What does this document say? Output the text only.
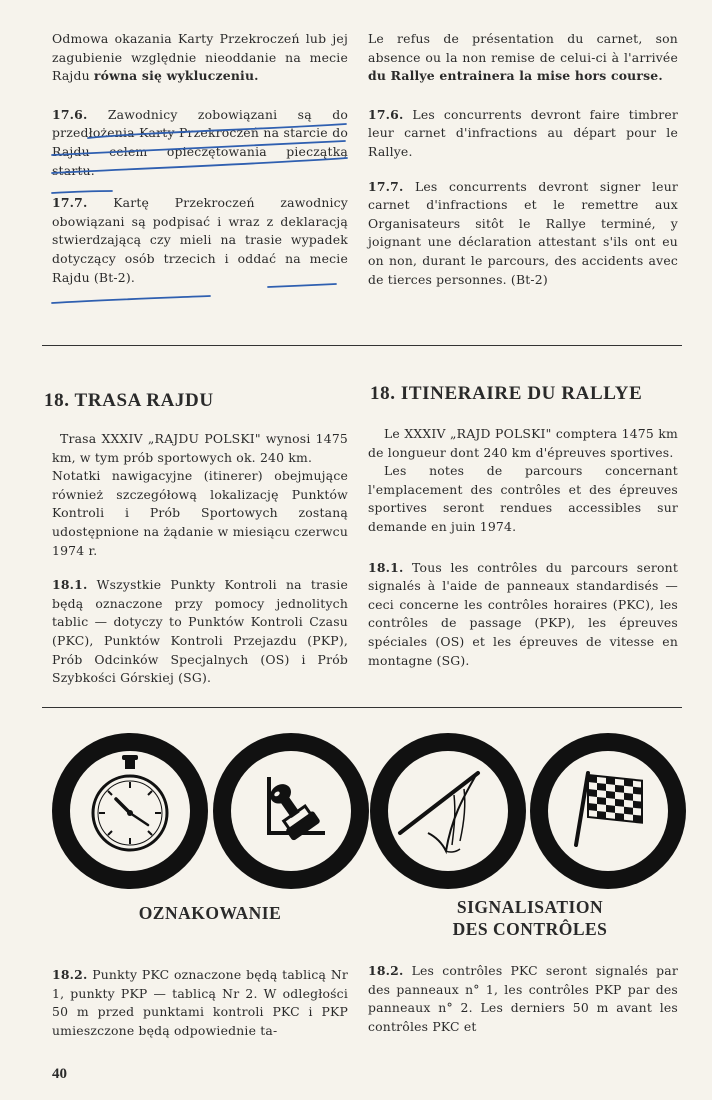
Odmowa okazania Karty Przekroczeń lub jej zagubienie względnie nieoddanie na mecie Rajdu równa się wykluczeniu.

17.6. Zawodnicy zobowiązani są do przedłożenia Karty Przekroczeń na starcie do Rajdu celem opieczętowania pieczątką startu.

17.7. Kartę Przekroczeń zawodnicy obowiązani są podpisać i wraz z deklaracją stwierdzającą czy mieli na trasie wypadek dotyczący osób trzecich i oddać na mecie Rajdu (Bt-2).

Le refus de présentation du carnet, son absence ou la non remise de celui-ci à l'arrivée du Rallye entrainera la mise hors course.

17.6. Les concurrents devront faire timbrer leur carnet d'infractions au départ pour le Rallye.

17.7. Les concurrents devront signer leur carnet d'infractions et le remettre aux Organisateurs sitôt le Rallye terminé, y joignant une déclaration attestant s'ils ont eu on non, durant le parcours, des accidents avec de tierces personnes. (Bt-2)

18. TRASA RAJDU	18. ITINERAIRE DU RALLYE

Trasa XXXIV „RAJDU POLSKI" wynosi 1475 km, w tym prób sportowych ok. 240 km.

Notatki nawigacyjne (itinerer) obejmujące również szczegółową lokalizację Punktów Kontroli i Prób Sportowych zostaną udostępnione na żądanie w miesiącu czerwcu 1974 r.

18.1. Wszystkie Punkty Kontroli na trasie będą oznaczone przy pomocy jednolitych tablic — dotyczy to Punktów Kontroli Czasu (PKC), Punktów Kontroli Przejazdu (PKP), Prób Odcinków Specjalnych (OS) i Prób Szybkości Górskiej (SG).

Le XXXIV „RAJD POLSKI" comptera 1475 km de longueur dont 240 km d'épreuves sportives.

Les notes de parcours concernant l'emplacement des contrôles et des épreuves sportives seront rendues accessibles sur demande en juin 1974.

18.1. Tous les contrôles du parcours seront signalés à l'aide de panneaux standardisés — ceci concerne les contrôles horaires (PKC), les contrôles de passage (PKP), les épreuves spéciales (OS) et les épreuves de vitesse en montagne (SG).

OZNAKOWANIE	SIGNALISATION
DES CONTRÔLES

18.2. Punkty PKC oznaczone będą tablicą Nr 1, punkty PKP — tablicą Nr 2. W odległości 50 m przed punktami kontroli PKC i PKP umieszczone będą odpowiednie ta-

18.2. Les contrôles PKC seront signalés par des panneaux n° 1, les contrôles PKP par des panneaux n° 2. Les derniers 50 m avant les contrôles PKC et

40
